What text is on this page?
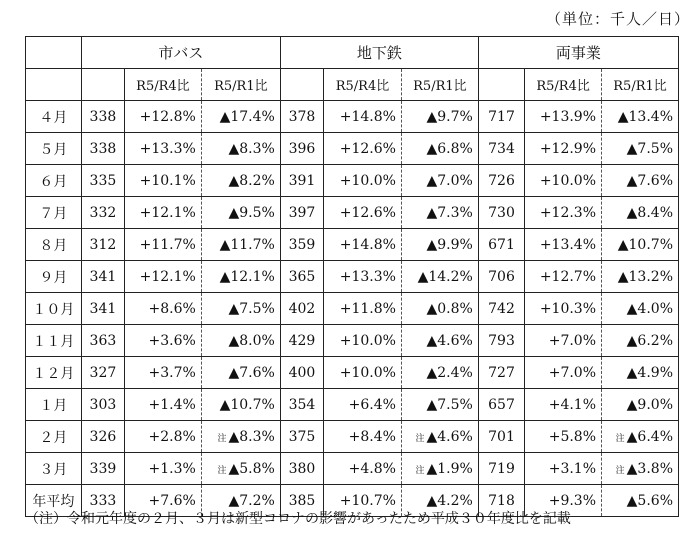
（単位：千人／日）
	市バス			地下鉄			両事業		
		R5/R4比	R5/R1比		R5/R4比	R5/R1比		R5/R4比	R5/R1比
４月	338	+12.8%	▲17.4%	378	+14.8%	▲9.7%	717	+13.9%	▲13.4%
５月	338	+13.3%	▲8.3%	396	+12.6%	▲6.8%	734	+12.9%	▲7.5%
６月	335	+10.1%	▲8.2%	391	+10.0%	▲7.0%	726	+10.0%	▲7.6%
７月	332	+12.1%	▲9.5%	397	+12.6%	▲7.3%	730	+12.3%	▲8.4%
８月	312	+11.7%	▲11.7%	359	+14.8%	▲9.9%	671	+13.4%	▲10.7%
９月	341	+12.1%	▲12.1%	365	+13.3%	▲14.2%	706	+12.7%	▲13.2%
１０月	341	+8.6%	▲7.5%	402	+11.8%	▲0.8%	742	+10.3%	▲4.0%
１１月	363	+3.6%	▲8.0%	429	+10.0%	▲4.6%	793	+7.0%	▲6.2%
１２月	327	+3.7%	▲7.6%	400	+10.0%	▲2.4%	727	+7.0%	▲4.9%
１月	303	+1.4%	▲10.7%	354	+6.4%	▲7.5%	657	+4.1%	▲9.0%
２月	326	+2.8%	注 ▲8.3%	375	+8.4%	注 ▲4.6%	701	+5.8%	注 ▲6.4%
３月	339	+1.3%	注 ▲5.8%	380	+4.8%	注 ▲1.9%	719	+3.1%	注 ▲3.8%
年平均	333	+7.6%	▲7.2%	385	+10.7%	▲4.2%	718	+9.3%	▲5.6%
（注）令和元年度の２月、３月は新型コロナの影響があったため平成３０年度比を記載
